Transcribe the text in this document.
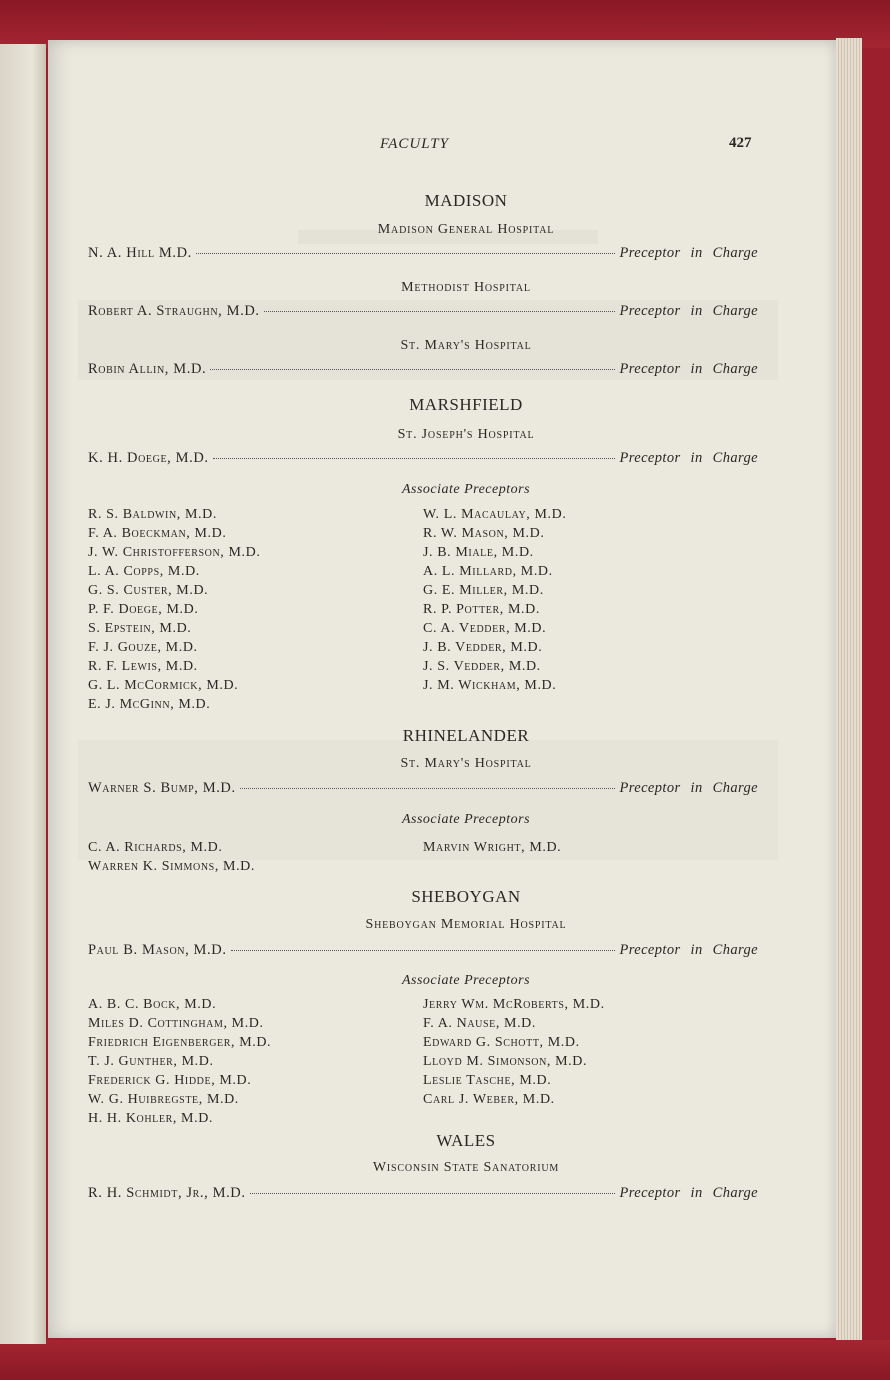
FACULTY	427
MADISON
Madison General Hospital
N. A. Hill M.D.	Preceptor in Charge
Methodist Hospital
Robert A. Straughn, M.D.	Preceptor in Charge
St. Mary's Hospital
Robin Allin, M.D.	Preceptor in Charge
MARSHFIELD
St. Joseph's Hospital
K. H. Doege, M.D.	Preceptor in Charge
Associate Preceptors
R. S. Baldwin, M.D.
F. A. Boeckman, M.D.
J. W. Christofferson, M.D.
L. A. Copps, M.D.
G. S. Custer, M.D.
P. F. Doege, M.D.
S. Epstein, M.D.
F. J. Gouze, M.D.
R. F. Lewis, M.D.
G. L. McCormick, M.D.
E. J. McGinn, M.D.
W. L. Macaulay, M.D.
R. W. Mason, M.D.
J. B. Miale, M.D.
A. L. Millard, M.D.
G. E. Miller, M.D.
R. P. Potter, M.D.
C. A. Vedder, M.D.
J. B. Vedder, M.D.
J. S. Vedder, M.D.
J. M. Wickham, M.D.
RHINELANDER
St. Mary's Hospital
Warner S. Bump, M.D.	Preceptor in Charge
Associate Preceptors
C. A. Richards, M.D.
Warren K. Simmons, M.D.
Marvin Wright, M.D.
SHEBOYGAN
Sheboygan Memorial Hospital
Paul B. Mason, M.D.	Preceptor in Charge
Associate Preceptors
A. B. C. Bock, M.D.
Miles D. Cottingham, M.D.
Friedrich Eigenberger, M.D.
T. J. Gunther, M.D.
Frederick G. Hidde, M.D.
W. G. Huibregste, M.D.
H. H. Kohler, M.D.
Jerry Wm. McRoberts, M.D.
F. A. Nause, M.D.
Edward G. Schott, M.D.
Lloyd M. Simonson, M.D.
Leslie Tasche, M.D.
Carl J. Weber, M.D.
WALES
Wisconsin State Sanatorium
R. H. Schmidt, Jr., M.D.	Preceptor in Charge
